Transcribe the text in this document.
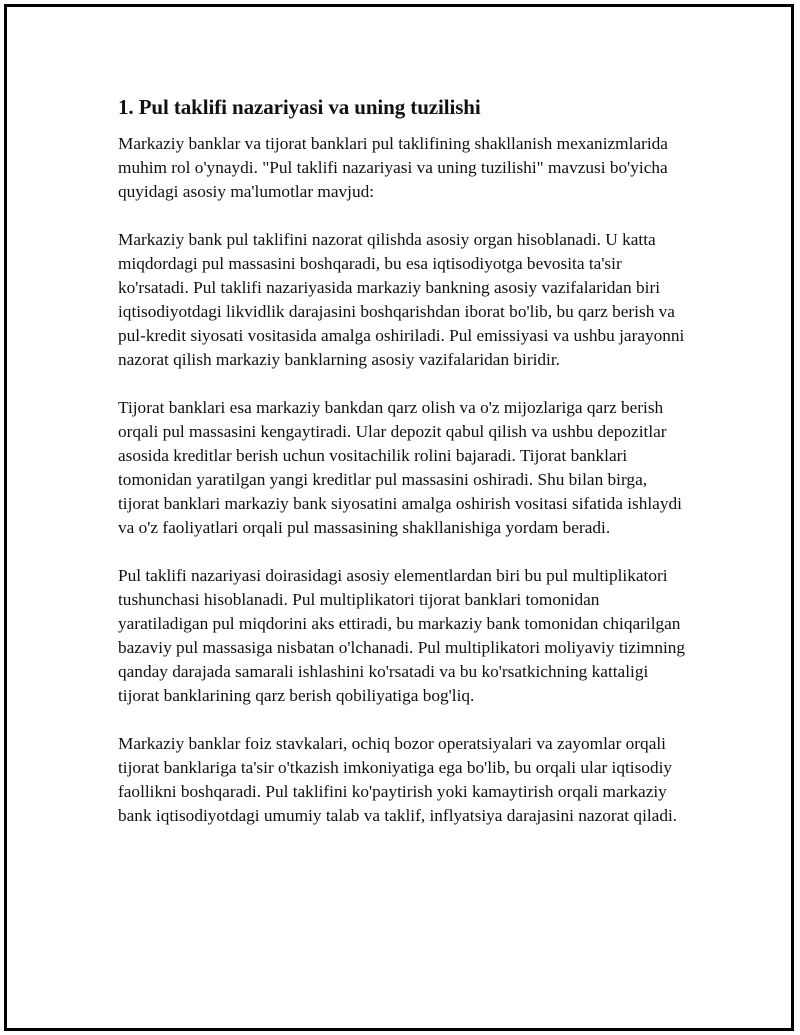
1. Pul taklifi nazariyasi va uning tuzilishi

Markaziy banklar va tijorat banklari pul taklifining shakllanish mexanizmlarida muhim rol o'ynaydi. "Pul taklifi nazariyasi va uning tuzilishi" mavzusi bo'yicha quyidagi asosiy ma'lumotlar mavjud:

Markaziy bank pul taklifini nazorat qilishda asosiy organ hisoblanadi. U katta miqdordagi pul massasini boshqaradi, bu esa iqtisodiyotga bevosita ta'sir ko'rsatadi. Pul taklifi nazariyasida markaziy bankning asosiy vazifalaridan biri iqtisodiyotdagi likvidlik darajasini boshqarishdan iborat bo'lib, bu qarz berish va pul-kredit siyosati vositasida amalga oshiriladi. Pul emissiyasi va ushbu jarayonni nazorat qilish markaziy banklarning asosiy vazifalaridan biridir.

Tijorat banklari esa markaziy bankdan qarz olish va o'z mijozlariga qarz berish orqali pul massasini kengaytiradi. Ular depozit qabul qilish va ushbu depozitlar asosida kreditlar berish uchun vositachilik rolini bajaradi. Tijorat banklari tomonidan yaratilgan yangi kreditlar pul massasini oshiradi. Shu bilan birga, tijorat banklari markaziy bank siyosatini amalga oshirish vositasi sifatida ishlaydi va o'z faoliyatlari orqali pul massasining shakllanishiga yordam beradi.

Pul taklifi nazariyasi doirasidagi asosiy elementlardan biri bu pul multiplikatori tushunchasi hisoblanadi. Pul multiplikatori tijorat banklari tomonidan yaratiladigan pul miqdorini aks ettiradi, bu markaziy bank tomonidan chiqarilgan bazaviy pul massasiga nisbatan o'lchanadi. Pul multiplikatori moliyaviy tizimning qanday darajada samarali ishlashini ko'rsatadi va bu ko'rsatkichning kattaligi tijorat banklarining qarz berish qobiliyatiga bog'liq.

Markaziy banklar foiz stavkalari, ochiq bozor operatsiyalari va zayomlar orqali tijorat banklariga ta'sir o'tkazish imkoniyatiga ega bo'lib, bu orqali ular iqtisodiy faollikni boshqaradi. Pul taklifini ko'paytirish yoki kamaytirish orqali markaziy bank iqtisodiyotdagi umumiy talab va taklif, inflyatsiya darajasini nazorat qiladi.
